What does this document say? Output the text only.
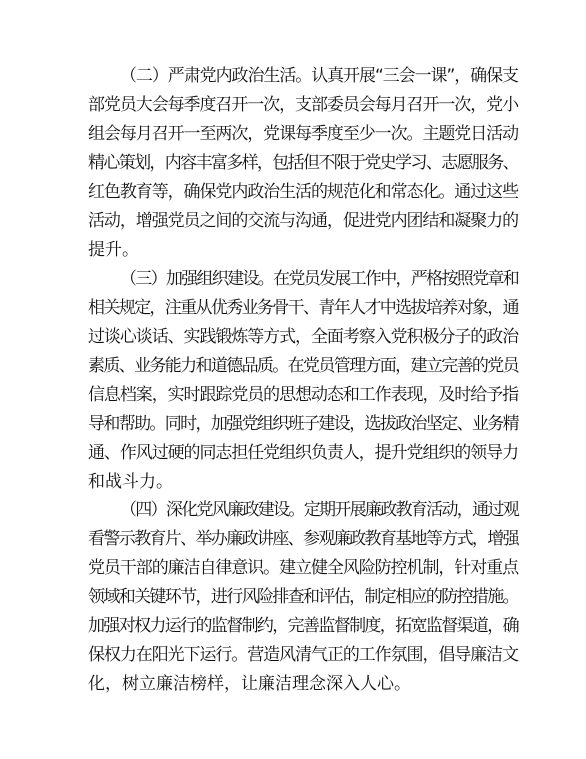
（二）严肃党内政治生活。认真开展“三会一课”，确保支
部党员大会每季度召开一次，支部委员会每月召开一次，党小
组会每月召开一至两次，党课每季度至少一次。主题党日活动
精心策划，内容丰富多样，包括但不限于党史学习、志愿服务、
红色教育等，确保党内政治生活的规范化和常态化。通过这些
活动，增强党员之间的交流与沟通，促进党内团结和凝聚力的
提升。
（三）加强组织建设。在党员发展工作中，严格按照党章和
相关规定，注重从优秀业务骨干、青年人才中选拔培养对象，通
过谈心谈话、实践锻炼等方式，全面考察入党积极分子的政治
素质、业务能力和道德品质。在党员管理方面，建立完善的党员
信息档案，实时跟踪党员的思想动态和工作表现，及时给予指
导和帮助。同时，加强党组织班子建设，选拔政治坚定、业务精
通、作风过硬的同志担任党组织负责人，提升党组织的领导力
和战斗力。
（四）深化党风廉政建设。定期开展廉政教育活动，通过观
看警示教育片、举办廉政讲座、参观廉政教育基地等方式，增强
党员干部的廉洁自律意识。建立健全风险防控机制，针对重点
领域和关键环节，进行风险排查和评估，制定相应的防控措施。
加强对权力运行的监督制约，完善监督制度，拓宽监督渠道，确
保权力在阳光下运行。营造风清气正的工作氛围，倡导廉洁文
化，树立廉洁榜样，让廉洁理念深入人心。
